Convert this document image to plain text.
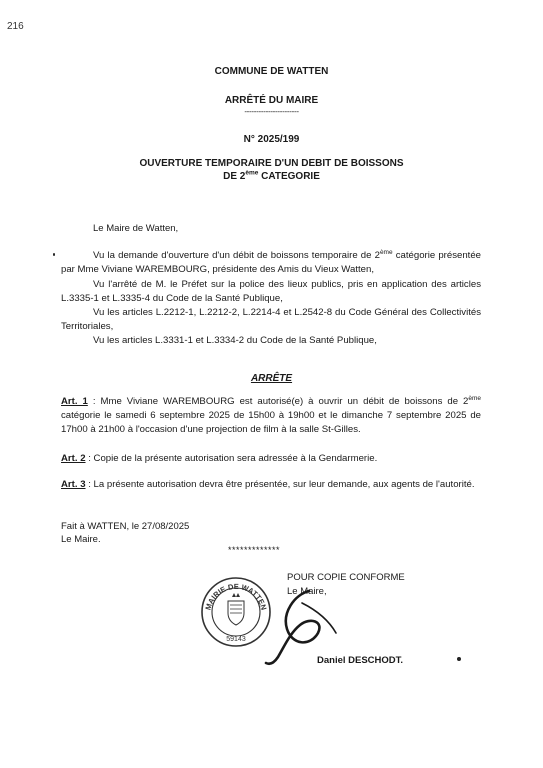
216
COMMUNE DE WATTEN
ARRÊTÉ DU MAIRE
-----------------------
N° 2025/199
OUVERTURE TEMPORAIRE D'UN DEBIT DE BOISSONS
DE 2ème CATEGORIE
Le Maire de Watten,
Vu la demande d'ouverture d'un débit de boissons temporaire de 2ème catégorie présentée par Mme Viviane WAREMBOURG, présidente des Amis du Vieux Watten,
Vu l'arrêté de M. le Préfet sur la police des lieux publics, pris en application des articles L.3335-1 et L.3335-4 du Code de la Santé Publique,
Vu les articles L.2212-1, L.2212-2, L.2214-4 et L.2542-8 du Code Général des Collectivités Territoriales,
Vu les articles L.3331-1 et L.3334-2 du Code de la Santé Publique,
ARRÊTE
Art. 1 : Mme Viviane WAREMBOURG est autorisé(e) à ouvrir un débit de boissons de 2ème catégorie le samedi 6 septembre 2025 de 15h00 à 19h00 et le dimanche 7 septembre 2025 de 17h00 à 21h00 à l'occasion d'une projection de film à la salle St-Gilles.
Art. 2 : Copie de la présente autorisation sera adressée à la Gendarmerie.
Art. 3 : La présente autorisation devra être présentée, sur leur demande, aux agents de l'autorité.
Fait à WATTEN, le 27/08/2025
Le Maire.
*************
POUR COPIE CONFORME
Le Maire,
MAIRIE DE WATTEN
59143
Daniel DESCHODT.
